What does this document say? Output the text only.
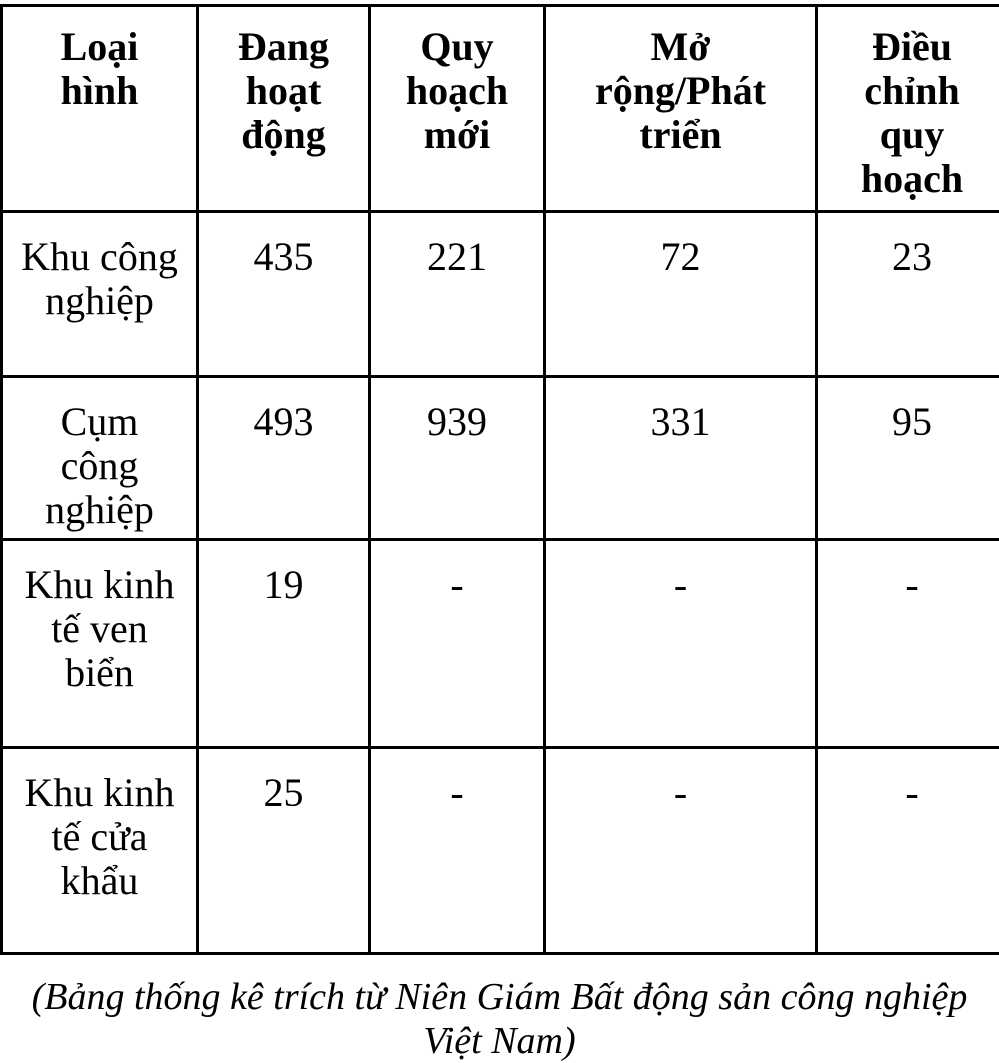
Loại hình	Đang hoạt động	Quy hoạch mới	Mở rộng/Phát triển	Điều chỉnh quy hoạch
Khu công nghiệp	435	221	72	23
Cụm công nghiệp	493	939	331	95
Khu kinh tế ven biển	19	-	-	-
Khu kinh tế cửa khẩu	25	-	-	-
(Bảng thống kê trích từ Niên Giám Bất động sản công nghiệp Việt Nam)
